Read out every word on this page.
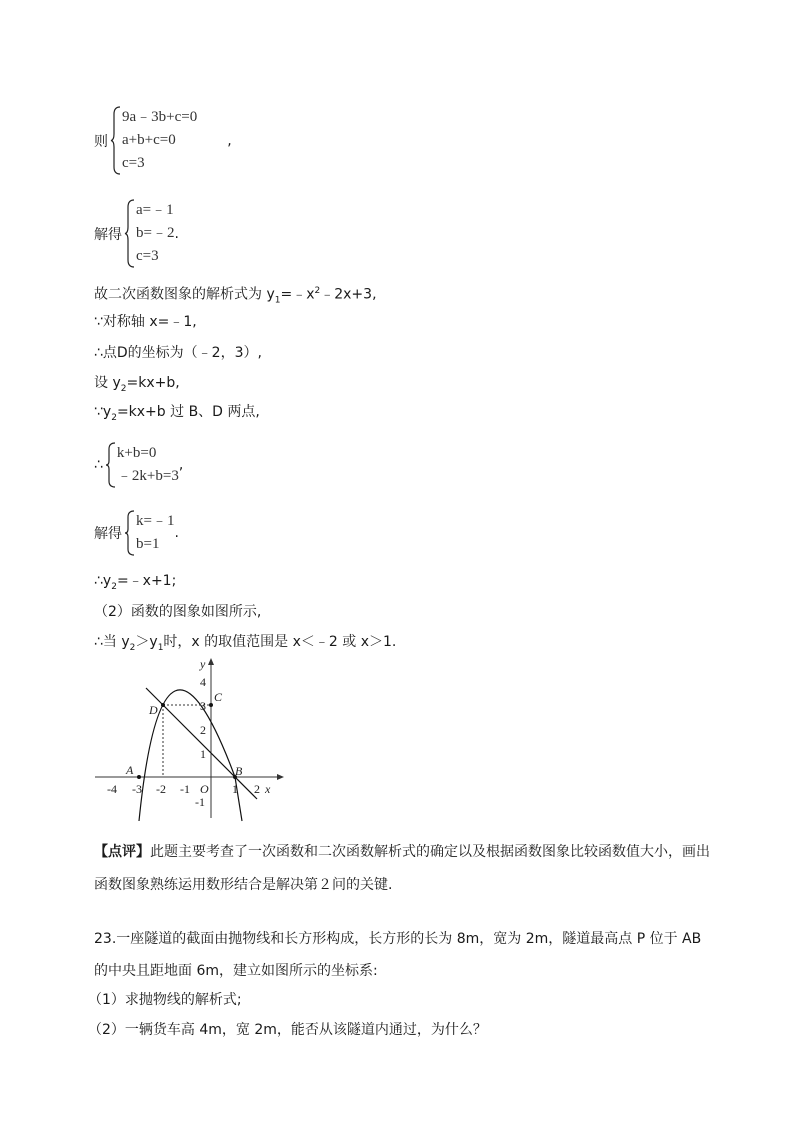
则
9a﹣3b+c=0
a+b+c=0
c=3
,
解得
a=﹣1
b=﹣2
c=3
.
故二次函数图象的解析式为 $y_1=﹣x^2﹣2x+3$,
∵对称轴 x=﹣1,
∴点D的坐标为（﹣2，3）,
设 $y_2=kx+b$,
$\because y_2=kx+b$ 过 B、D 两点,
∴
k+b=0
﹣2k+b=3
,
解得
k=﹣1
b=1
.
$\therefore y_2=﹣x+1$;
（2）函数的图象如图所示,
∴当 $y_2>y_1$时，x 的取值范围是 x＜﹣2 或 x＞1.
-4 -3 -2 -1 O 1 2 x
4
3
2
1
-1
y
A	B
C
D
【点评】此题主要考查了一次函数和二次函数解析式的确定以及根据函数图象比较函数值大小，画出函数图象熟练运用数形结合是解决第２问的关键.
23.一座隧道的截面由抛物线和长方形构成，长方形的长为 8m，宽为 2m，隧道最高点 P 位于 AB 的中央且距地面 6m，建立如图所示的坐标系:
（1）求抛物线的解析式;
（2）一辆货车高 4m，宽 2m，能否从该隧道内通过，为什么？
